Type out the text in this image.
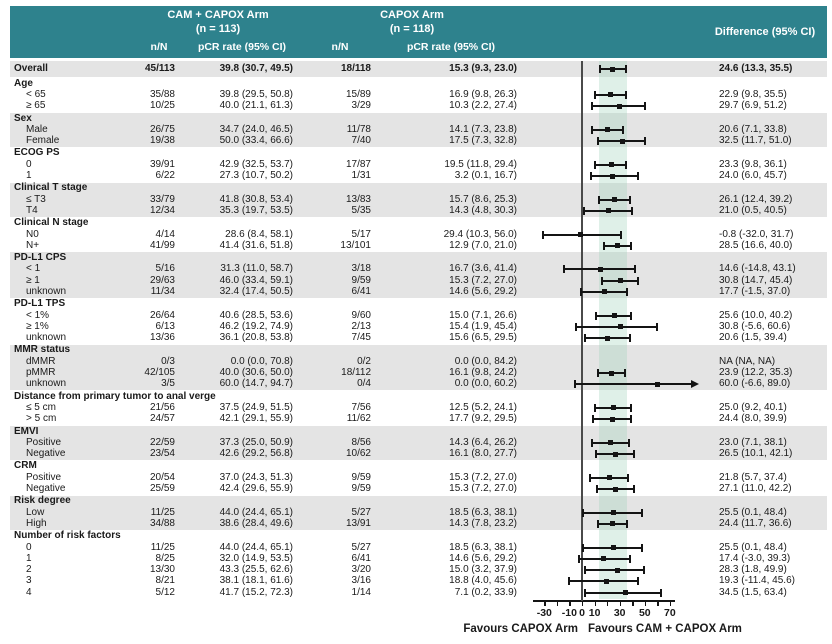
CAM + CAPOX Arm
(n = 113)
CAPOX Arm
(n = 118)	Difference (95% CI)
n/N	pCR rate (95% CI)	n/N	pCR rate (95% CI)
Overall	45/113	39.8 (30.7, 49.5)	18/118	15.3 (9.3, 23.0)	24.6 (13.3, 35.5)
Age
< 65	35/88	39.8 (29.5, 50.8)	15/89	16.9 (9.8, 26.3)	22.9 (9.8, 35.5)
≥ 65	10/25	40.0 (21.1, 61.3)	3/29	10.3 (2.2, 27.4)	29.7 (6.9, 51.2)
Sex
Male	26/75	34.7 (24.0, 46.5)	11/78	14.1 (7.3, 23.8)	20.6 (7.1, 33.8)
Female	19/38	50.0 (33.4, 66.6)	7/40	17.5 (7.3, 32.8)	32.5 (11.7, 51.0)
ECOG PS
0	39/91	42.9 (32.5, 53.7)	17/87	19.5 (11.8, 29.4)	23.3 (9.8, 36.1)
1	6/22	27.3 (10.7, 50.2)	1/31	3.2 (0.1, 16.7)	24.0 (6.0, 45.7)
Clinical T stage
≤ T3	33/79	41.8 (30.8, 53.4)	13/83	15.7 (8.6, 25.3)	26.1 (12.4, 39.2)
T4	12/34	35.3 (19.7, 53.5)	5/35	14.3 (4.8, 30.3)	21.0 (0.5, 40.5)
Clinical N stage
N0	4/14	28.6 (8.4, 58.1)	5/17	29.4 (10.3, 56.0)	-0.8 (-32.0, 31.7)
N+	41/99	41.4 (31.6, 51.8)	13/101	12.9 (7.0, 21.0)	28.5 (16.6, 40.0)
PD-L1 CPS
< 1	5/16	31.3 (11.0, 58.7)	3/18	16.7 (3.6, 41.4)	14.6 (-14.8, 43.1)
≥ 1	29/63	46.0 (33.4, 59.1)	9/59	15.3 (7.2, 27.0)	30.8 (14.7, 45.4)
unknown	11/34	32.4 (17.4, 50.5)	6/41	14.6 (5.6, 29.2)	17.7 (-1.5, 37.0)
PD-L1 TPS
< 1%	26/64	40.6 (28.5, 53.6)	9/60	15.0 (7.1, 26.6)	25.6 (10.0, 40.2)
≥ 1%	6/13	46.2 (19.2, 74.9)	2/13	15.4 (1.9, 45.4)	30.8 (-5.6, 60.6)
unknown	13/36	36.1 (20.8, 53.8)	7/45	15.6 (6.5, 29.5)	20.6 (1.5, 39.4)
MMR status
dMMR	0/3	0.0 (0.0, 70.8)	0/2	0.0 (0.0, 84.2)	NA (NA, NA)
pMMR	42/105	40.0 (30.6, 50.0)	18/112	16.1 (9.8, 24.2)	23.9 (12.2, 35.3)
unknown	3/5	60.0 (14.7, 94.7)	0/4	0.0 (0.0, 60.2)	60.0 (-6.6, 89.0)
Distance from primary tumor to anal verge
≤ 5 cm	21/56	37.5 (24.9, 51.5)	7/56	12.5 (5.2, 24.1)	25.0 (9.2, 40.1)
> 5 cm	24/57	42.1 (29.1, 55.9)	11/62	17.7 (9.2, 29.5)	24.4 (8.0, 39.9)
EMVI
Positive	22/59	37.3 (25.0, 50.9)	8/56	14.3 (6.4, 26.2)	23.0 (7.1, 38.1)
Negative	23/54	42.6 (29.2, 56.8)	10/62	16.1 (8.0, 27.7)	26.5 (10.1, 42.1)
CRM
Positive	20/54	37.0 (24.3, 51.3)	9/59	15.3 (7.2, 27.0)	21.8 (5.7, 37.4)
Negative	25/59	42.4 (29.6, 55.9)	9/59	15.3 (7.2, 27.0)	27.1 (11.0, 42.2)
Risk degree
Low	11/25	44.0 (24.4, 65.1)	5/27	18.5 (6.3, 38.1)	25.5 (0.1, 48.4)
High	34/88	38.6 (28.4, 49.6)	13/91	14.3 (7.8, 23.2)	24.4 (11.7, 36.6)
Number of risk factors
0	11/25	44.0 (24.4, 65.1)	5/27	18.5 (6.3, 38.1)	25.5 (0.1, 48.4)
1	8/25	32.0 (14.9, 53.5)	6/41	14.6 (5.6, 29.2)	17.4 (-3.0, 39.3)
2	13/30	43.3 (25.5, 62.6)	3/20	15.0 (3.2, 37.9)	28.3 (1.8, 49.9)
3	8/21	38.1 (18.1, 61.6)	3/16	18.8 (4.0, 45.6)	19.3 (-11.4, 45.6)
4	5/12	41.7 (15.2, 72.3)	1/14	7.1 (0.2, 33.9)	34.5 (1.5, 63.4)
-30 -10 0 10 30 50 70
Favours CAPOX Arm Favours CAM + CAPOX Arm
